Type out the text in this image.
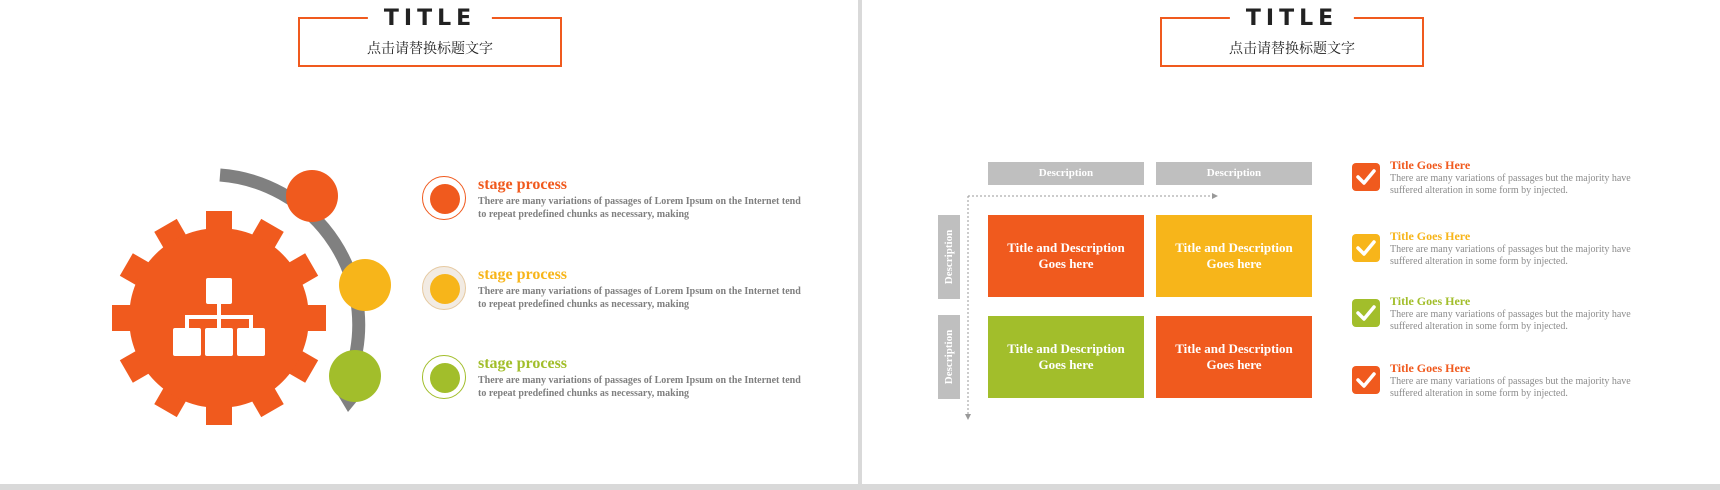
TITLE
点击请替换标题文字
stage process
There are many variations of passages of Lorem Ipsum on the Internet tend to repeat predefined chunks as necessary, making
stage process
There are many variations of passages of Lorem Ipsum on the Internet tend to repeat predefined chunks as necessary, making
stage process
There are many variations of passages of Lorem Ipsum on the Internet tend to repeat predefined chunks as necessary, making
TITLE
点击请替换标题文字
Description	Description
Description
Description
Title and Description Goes here
Title and Description Goes here
Title and Description Goes here
Title and Description Goes here
Title Goes Here
There are many variations of passages but the majority have suffered alteration in some form by injected.
Title Goes Here
There are many variations of passages but the majority have suffered alteration in some form by injected.
Title Goes Here
There are many variations of passages but the majority have suffered alteration in some form by injected.
Title Goes Here
There are many variations of passages but the majority have suffered alteration in some form by injected.
